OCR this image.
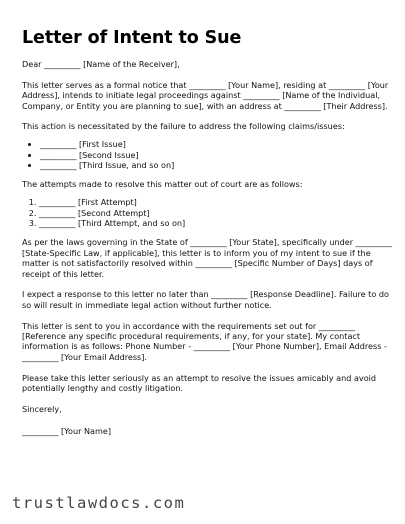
Letter of Intent to Sue

Dear _________ [Name of the Receiver],

This letter serves as a formal notice that _________ [Your Name], residing at _________ [Your Address], intends to initiate legal proceedings against _________ [Name of the Individual, Company, or Entity you are planning to sue], with an address at _________ [Their Address].

This action is necessitated by the failure to address the following claims/issues:

• _________ [First Issue]
• _________ [Second Issue]
• _________ [Third Issue, and so on]

The attempts made to resolve this matter out of court are as follows:

1. _________ [First Attempt]
2. _________ [Second Attempt]
3. _________ [Third Attempt, and so on]

As per the laws governing in the State of _________ [Your State], specifically under _________ [State-Specific Law, if applicable], this letter is to inform you of my intent to sue if the matter is not satisfactorily resolved within _________ [Specific Number of Days] days of receipt of this letter.

I expect a response to this letter no later than _________ [Response Deadline]. Failure to do so will result in immediate legal action without further notice.

This letter is sent to you in accordance with the requirements set out for _________ [Reference any specific procedural requirements, if any, for your state]. My contact information is as follows: Phone Number - _________ [Your Phone Number], Email Address - _________ [Your Email Address].

Please take this letter seriously as an attempt to resolve the issues amicably and avoid potentially lengthy and costly litigation.

Sincerely,

_________ [Your Name]

trustlawdocs.com
